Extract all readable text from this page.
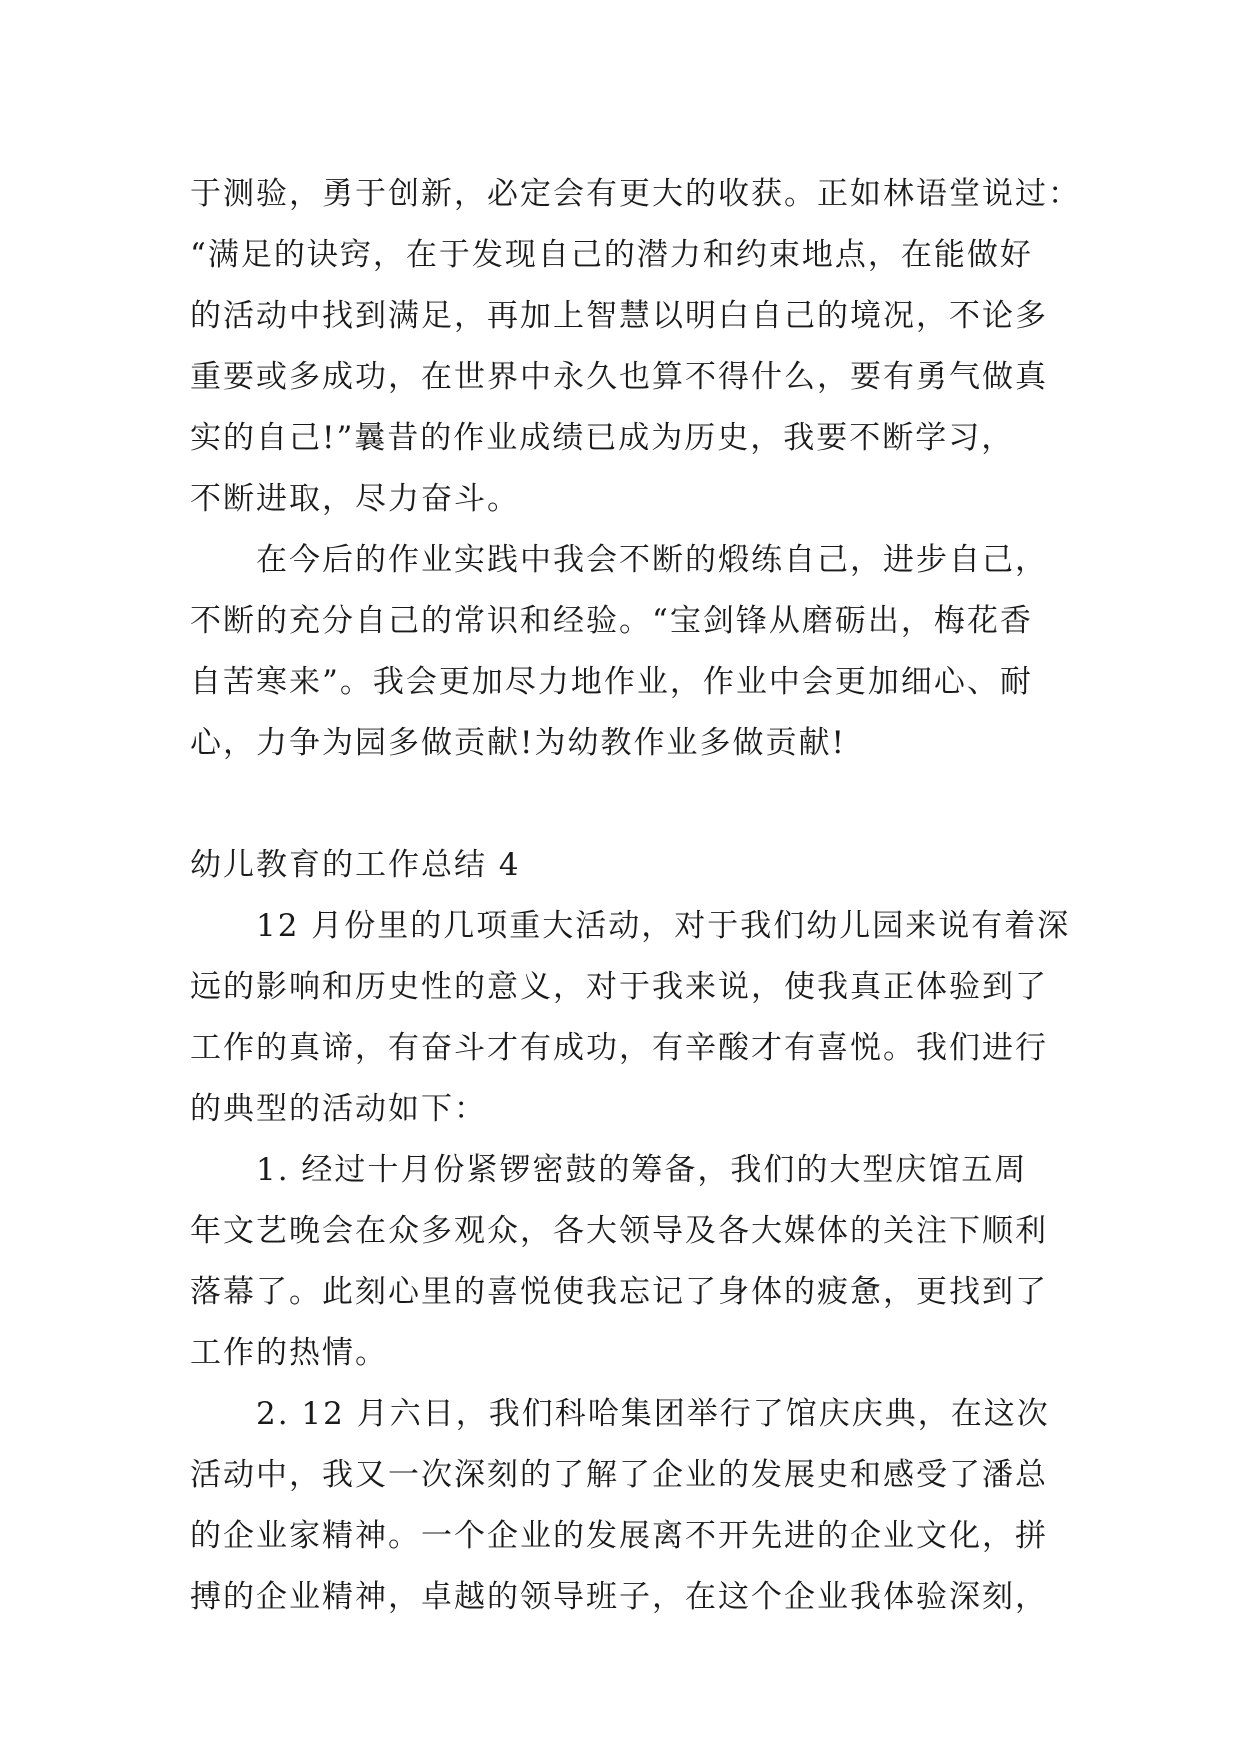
于测验，勇于创新，必定会有更大的收获。正如林语堂说过：
“满足的诀窍，在于发现自己的潜力和约束地点，在能做好
的活动中找到满足，再加上智慧以明白自己的境况，不论多
重要或多成功，在世界中永久也算不得什么，要有勇气做真
实的自己!”曩昔的作业成绩已成为历史，我要不断学习，
不断进取，尽力奋斗。
在今后的作业实践中我会不断的煅练自己，进步自己，
不断的充分自己的常识和经验。“宝剑锋从磨砺出，梅花香
自苦寒来”。我会更加尽力地作业，作业中会更加细心、耐
心，力争为园多做贡献!为幼教作业多做贡献!
幼儿教育的工作总结 4
12 月份里的几项重大活动，对于我们幼儿园来说有着深
远的影响和历史性的意义，对于我来说，使我真正体验到了
工作的真谛，有奋斗才有成功，有辛酸才有喜悦。我们进行
的典型的活动如下：
1. 经过十月份紧锣密鼓的筹备，我们的大型庆馆五周
年文艺晚会在众多观众，各大领导及各大媒体的关注下顺利
落幕了。此刻心里的喜悦使我忘记了身体的疲惫，更找到了
工作的热情。
2. 12 月六日，我们科哈集团举行了馆庆庆典，在这次
活动中，我又一次深刻的了解了企业的发展史和感受了潘总
的企业家精神。一个企业的发展离不开先进的企业文化，拼
搏的企业精神，卓越的领导班子，在这个企业我体验深刻，
